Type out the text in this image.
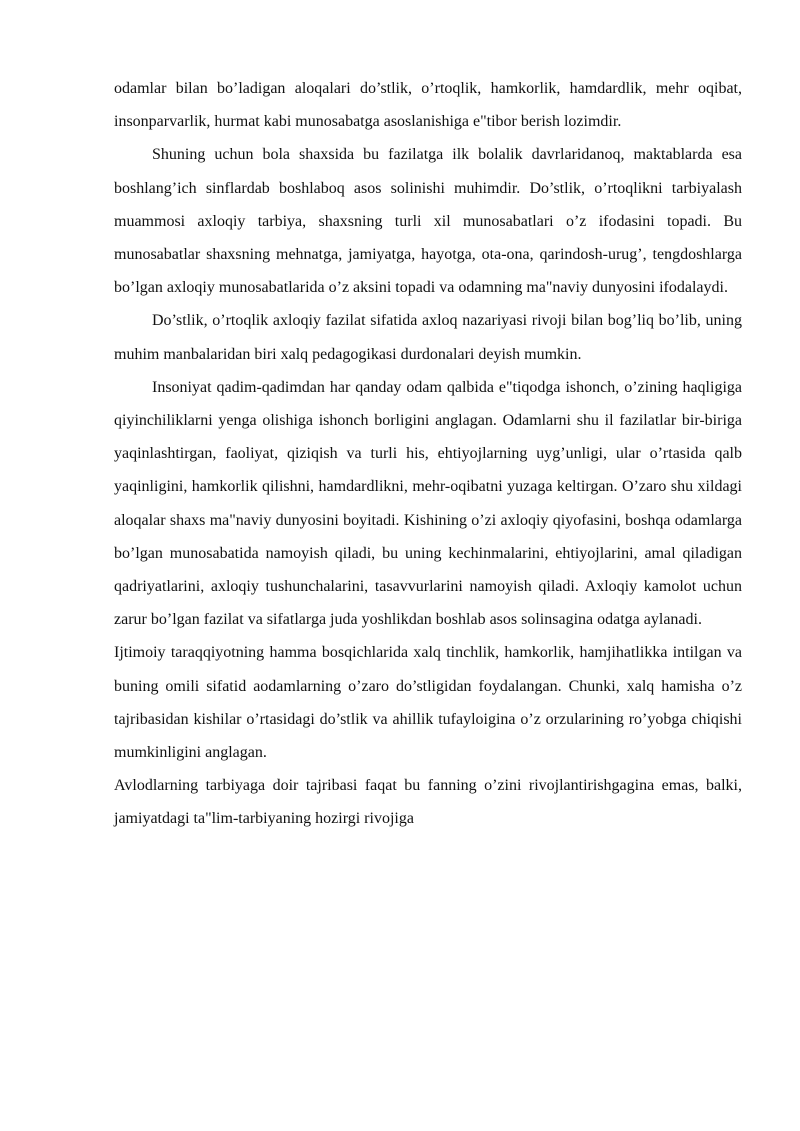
odamlar bilan bo’ladigan aloqalari do’stlik, o’rtoqlik, hamkorlik, hamdardlik, mehr oqibat, insonparvarlik, hurmat kabi munosabatga asoslanishiga e"tibor berish lozimdir.

Shuning uchun bola shaxsida bu fazilatga ilk bolalik davrlaridanoq, maktablarda esa boshlang’ich sinflardab boshlaboq asos solinishi muhimdir. Do’stlik, o’rtoqlikni tarbiyalash muammosi axloqiy tarbiya, shaxsning turli xil munosabatlari o’z ifodasini topadi. Bu munosabatlar shaxsning mehnatga, jamiyatga, hayotga, ota-ona, qarindosh-urug’, tengdoshlarga bo’lgan axloqiy munosabatlarida o’z aksini topadi va odamning ma"naviy dunyosini ifodalaydi.

Do’stlik, o’rtoqlik axloqiy fazilat sifatida axloq nazariyasi rivoji bilan bog’liq bo’lib, uning muhim manbalaridan biri xalq pedagogikasi durdonalari deyish mumkin.

Insoniyat qadim-qadimdan har qanday odam qalbida e"tiqodga ishonch, o’zining haqligiga qiyinchiliklarni yenga olishiga ishonch borligini anglagan. Odamlarni shu il fazilatlar bir-biriga yaqinlashtirgan, faoliyat, qiziqish va turli his, ehtiyojlarning uyg’unligi, ular o’rtasida qalb yaqinligini, hamkorlik qilishni, hamdardlikni, mehr-oqibatni yuzaga keltirgan. O’zaro shu xildagi aloqalar shaxs ma"naviy dunyosini boyitadi. Kishining o’zi axloqiy qiyofasini, boshqa odamlarga bo’lgan munosabatida namoyish qiladi, bu uning kechinmalarini, ehtiyojlarini, amal qiladigan qadriyatlarini, axloqiy tushunchalarini, tasavvurlarini namoyish qiladi. Axloqiy kamolot uchun zarur bo’lgan fazilat va sifatlarga juda yoshlikdan boshlab asos solinsagina odatga aylanadi.

Ijtimoiy taraqqiyotning hamma bosqichlarida xalq tinchlik, hamkorlik, hamjihatlikka intilgan va buning omili sifatid aodamlarning o’zaro do’stligidan foydalangan. Chunki, xalq hamisha o’z tajribasidan kishilar o’rtasidagi do’stlik va ahillik tufayloigina o’z orzularining ro’yobga chiqishi mumkinligini anglagan.

Avlodlarning tarbiyaga doir tajribasi faqat bu fanning o’zini rivojlantirishgagina emas, balki, jamiyatdagi ta"lim-tarbiyaning hozirgi rivojiga
